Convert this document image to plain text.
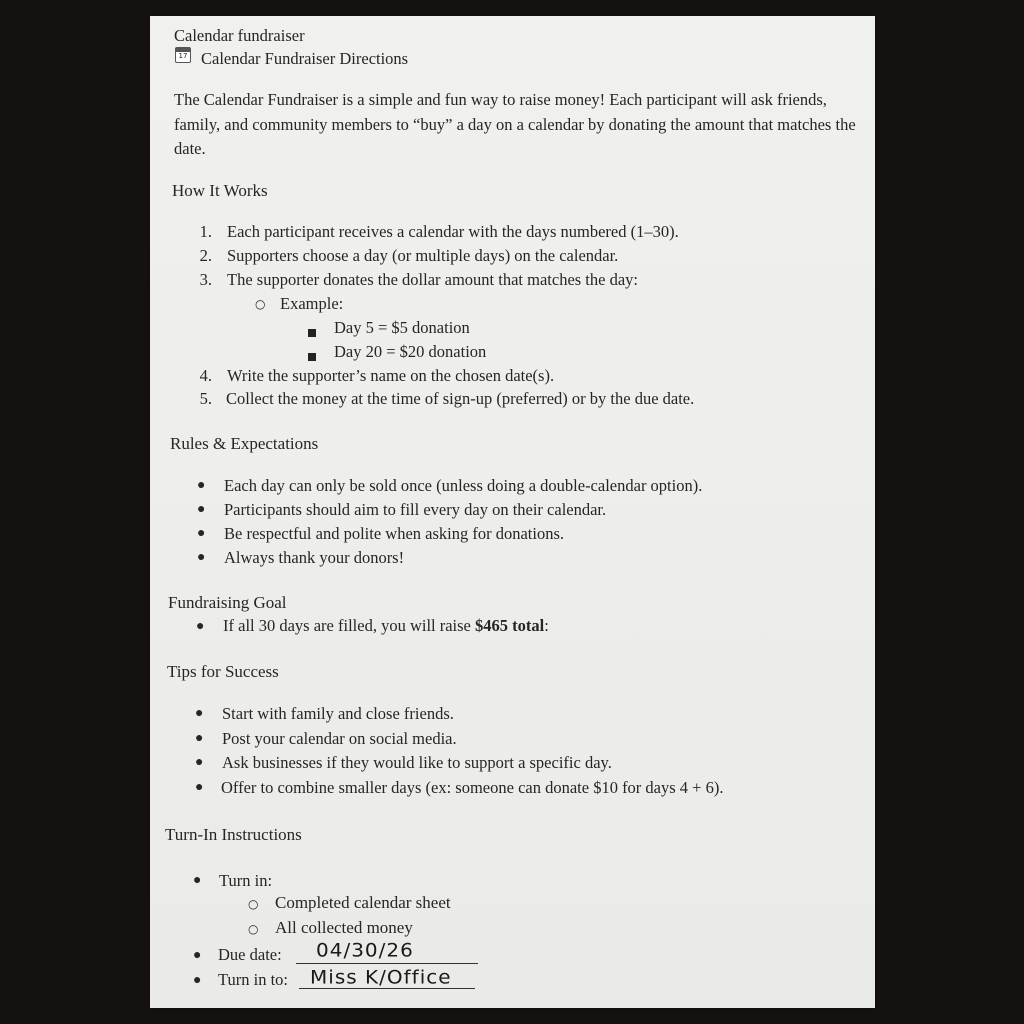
Calendar fundraiser
17 Calendar Fundraiser Directions
The Calendar Fundraiser is a simple and fun way to raise money! Each participant will ask friends, family, and community members to “buy” a day on a calendar by donating the amount that matches the date.
How It Works
1. Each participant receives a calendar with the days numbered (1–30).
2. Supporters choose a day (or multiple days) on the calendar.
3. The supporter donates the dollar amount that matches the day:
○ Example:
Day 5 = $5 donation
Day 20 = $20 donation
4. Write the supporter’s name on the chosen date(s).
5. Collect the money at the time of sign-up (preferred) or by the due date.
Rules & Expectations
● Each day can only be sold once (unless doing a double-calendar option).
● Participants should aim to fill every day on their calendar.
● Be respectful and polite when asking for donations.
● Always thank your donors!
Fundraising Goal
● If all 30 days are filled, you will raise $465 total:
Tips for Success
● Start with family and close friends.
● Post your calendar on social media.
● Ask businesses if they would like to support a specific day.
● Offer to combine smaller days (ex: someone can donate $10 for days 4 + 6).
Turn-In Instructions
● Turn in:
○ Completed calendar sheet
○ All collected money
● Due date: 04/30/26
● Turn in to: Miss K/Office
